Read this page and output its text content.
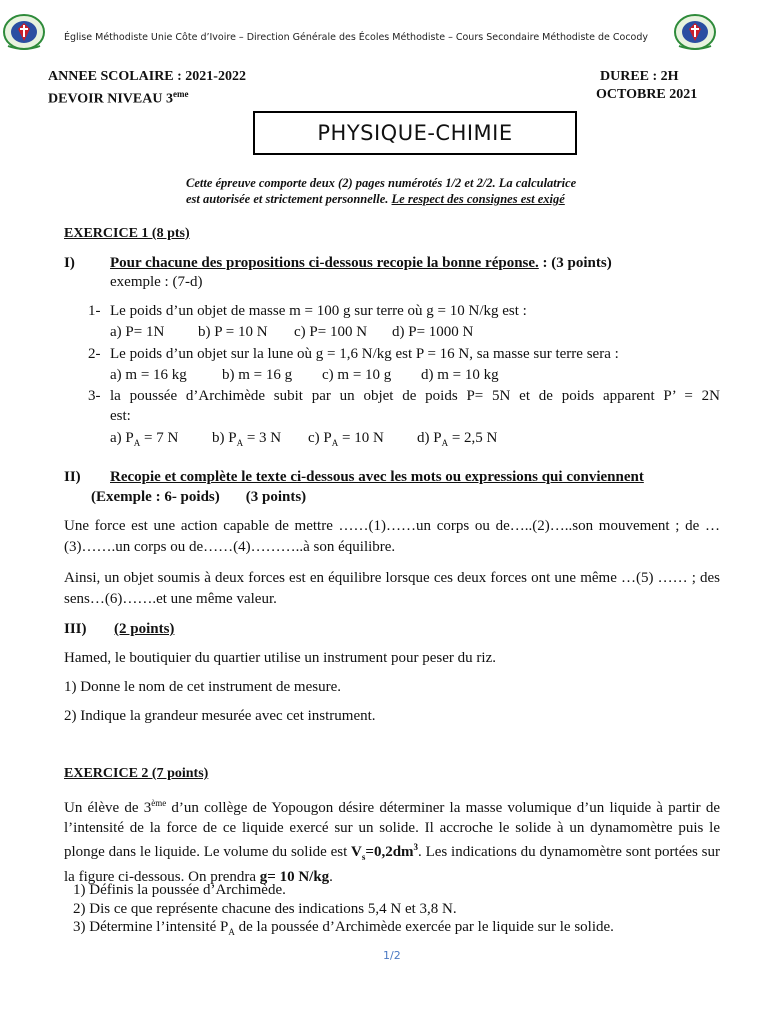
Église Méthodiste Unie Côte d’Ivoire – Direction Générale des Écoles Méthodiste – Cours Secondaire Méthodiste de Cocody
ANNEE SCOLAIRE : 2021-2022
DEVOIR NIVEAU 3eme
DUREE : 2H
OCTOBRE 2021
PHYSIQUE-CHIMIE
Cette épreuve comporte deux (2) pages numérotés 1/2 et 2/2. La calculatrice
est autorisée et strictement personnelle. Le respect des consignes est exigé
EXERCICE 1 (8 pts)
I) Pour chacune des propositions ci-dessous recopie la bonne réponse. : (3 points)
exemple : (7-d)
1- Le poids d’un objet de masse m = 100 g sur terre où g = 10 N/kg est :
a) P= 1N b) P = 10 N c) P= 100 N d) P= 1000 N
2- Le poids d’un objet sur la lune où g = 1,6 N/kg est P = 16 N, sa masse sur terre sera :
a) m = 16 kg b) m = 16 g c) m = 10 g d) m = 10 kg
3- la poussée d’Archimède subit par un objet de poids P= 5N et de poids apparent P’ = 2N
est:
a) $P_A = 7$ N b) $P_A = 3$ N c) $P_A = 10$ N d) $P_A = 2,5$ N
II) Recopie et complète le texte ci-dessous avec les mots ou expressions qui conviennent
(Exemple : 6- poids) (3 points)
Une force est une action capable de mettre ……(1)……un corps ou de…..(2)…..son mouvement ; de …(3)…….un corps ou de……(4)………..à son équilibre.
Ainsi, un objet soumis à deux forces est en équilibre lorsque ces deux forces ont une même …(5) …… ; des sens…(6)…….et une même valeur.
III) (2 points)
Hamed, le boutiquier du quartier utilise un instrument pour peser du riz.
1) Donne le nom de cet instrument de mesure.
2) Indique la grandeur mesurée avec cet instrument.
EXERCICE 2 (7 points)
Un élève de 3ème d’un collège de Yopougon désire déterminer la masse volumique d’un liquide à partir de l’intensité de la force de ce liquide exercé sur un solide. Il accroche le solide à un dynamomètre puis le plonge dans le liquide. Le volume du solide est $V_s=0,2dm^3$. Les indications du dynamomètre sont portées sur la figure ci-dessous. On prendra g= 10 N/kg.
1) Définis la poussée d’Archimède.
2) Dis ce que représente chacune des indications 5,4 N et 3,8 N.
3) Détermine l’intensité $P_A$ de la poussée d’Archimède exercée par le liquide sur le solide.
1/2
